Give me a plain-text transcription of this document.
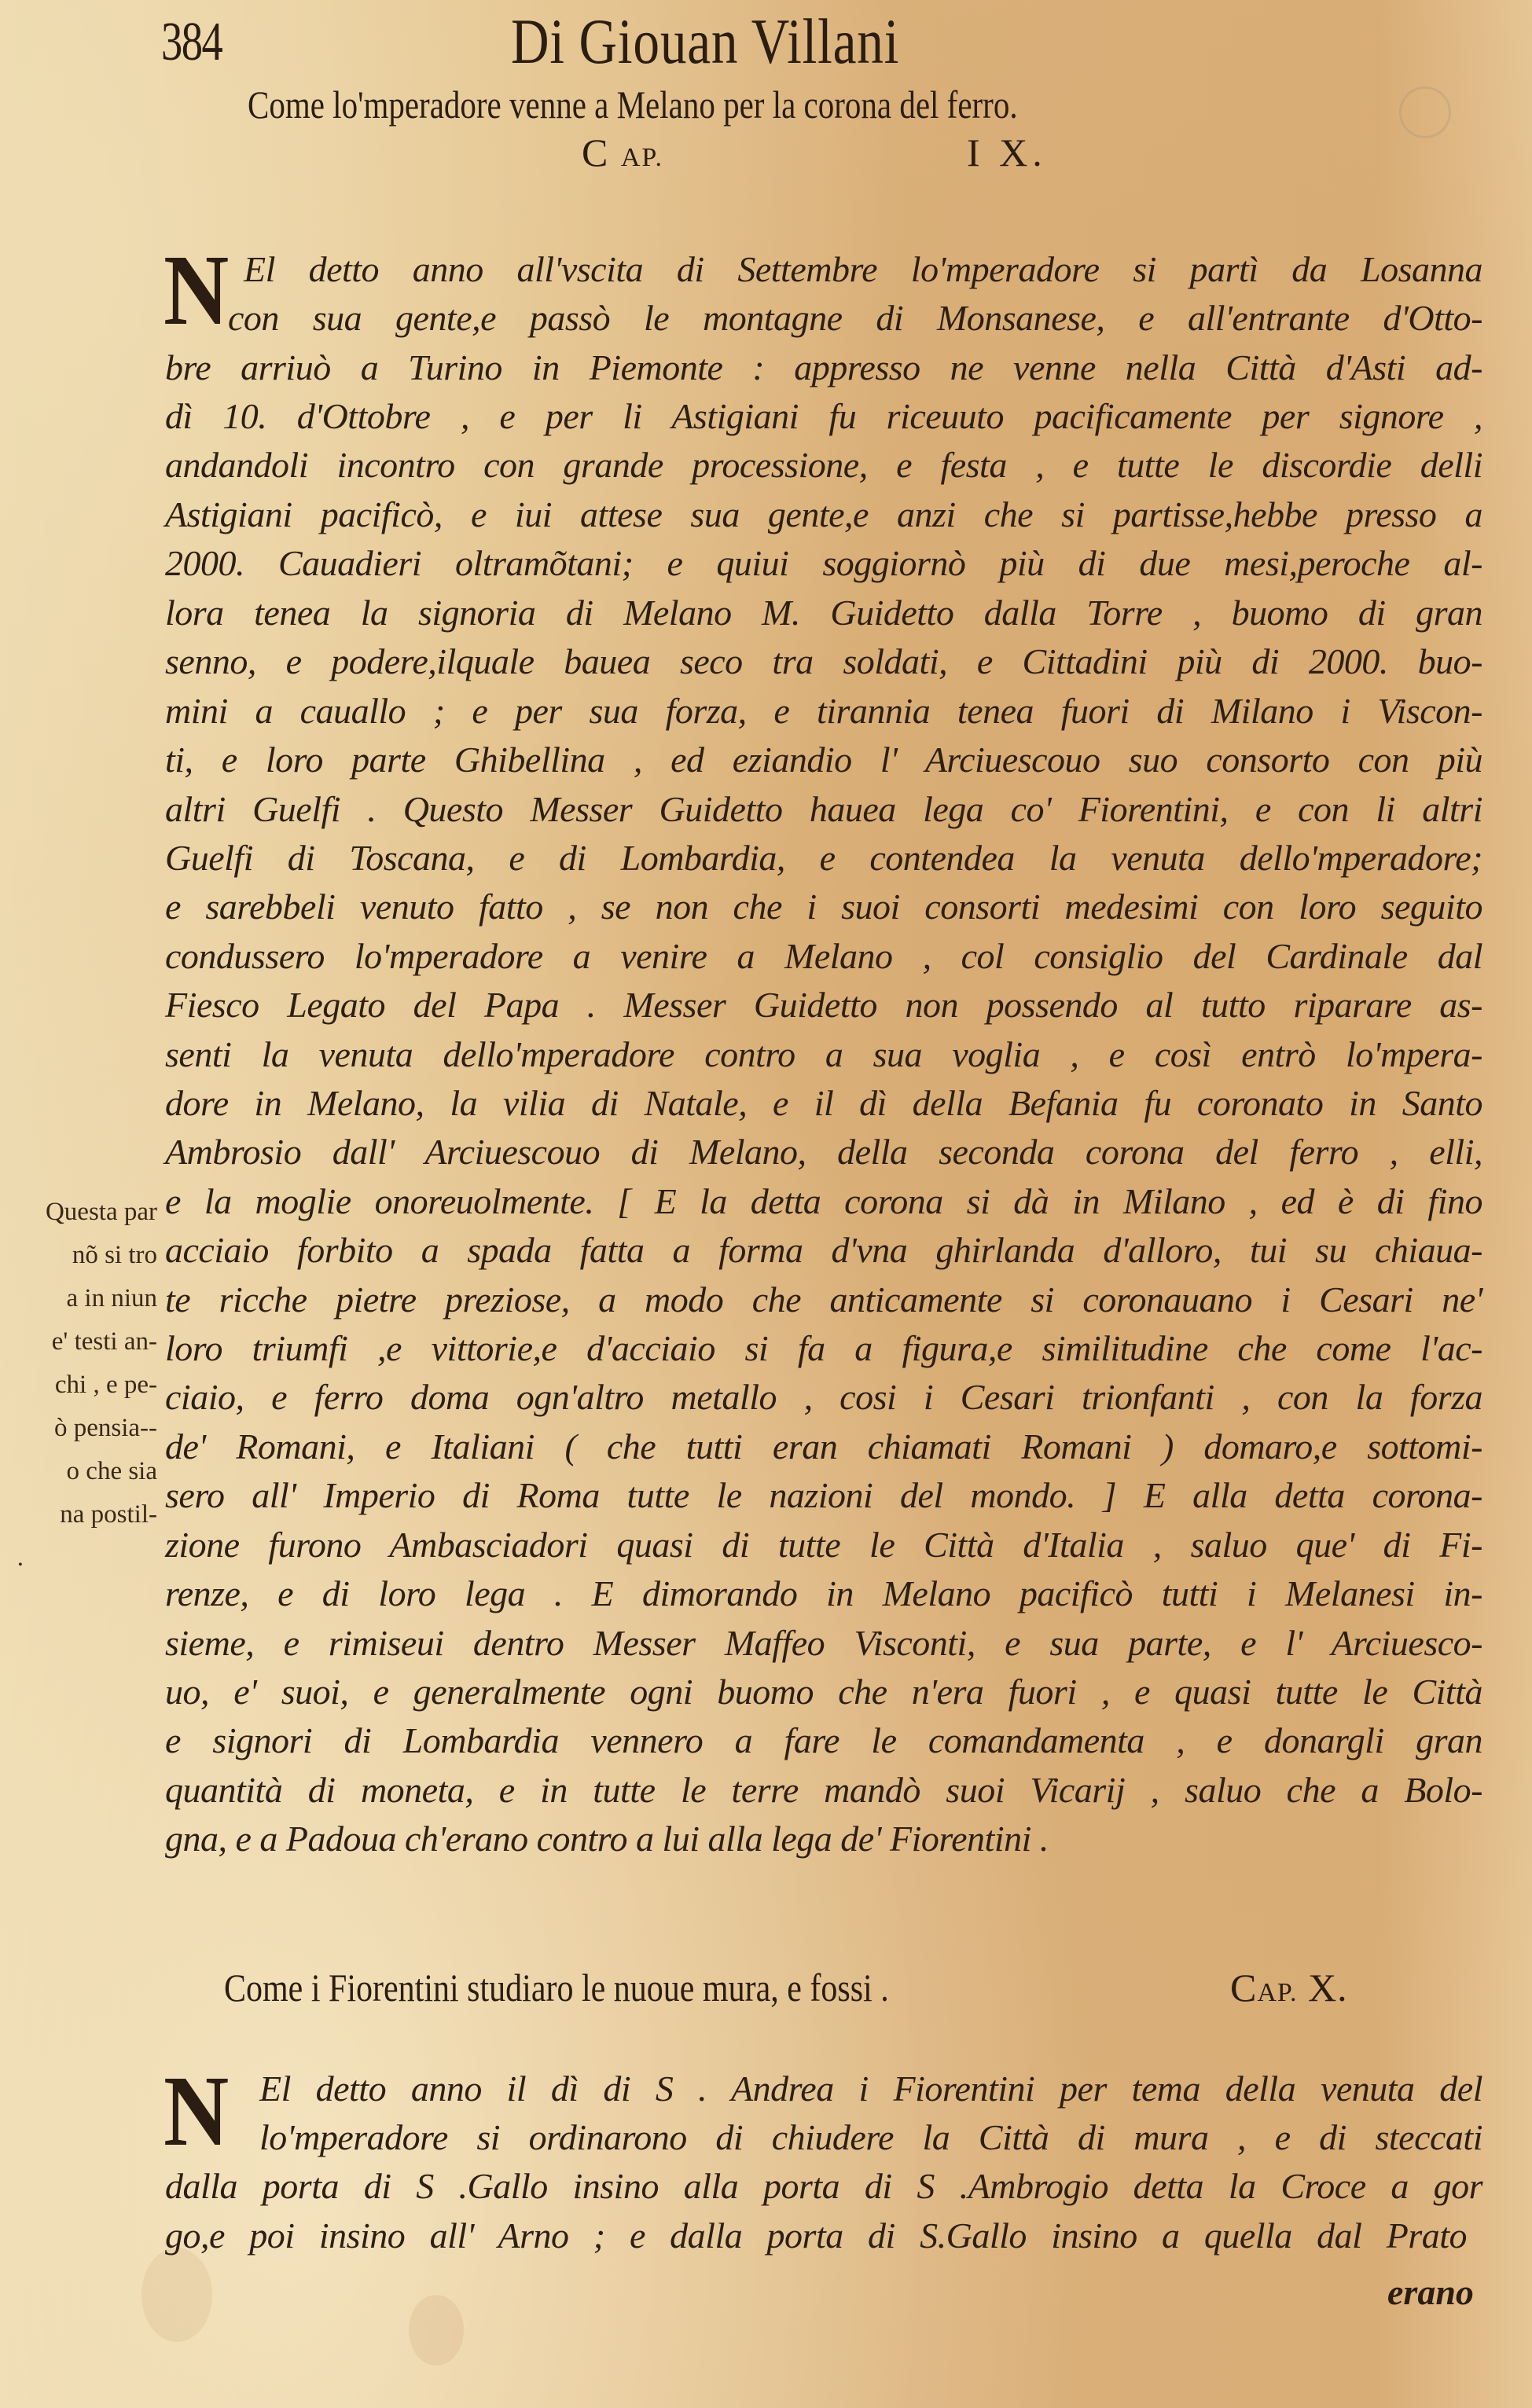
384	Di Giouan Villani
Come lo'mperadore venne a Melano per la corona del ferro.
C AP.	I X.
N El detto anno all'vscita di Settembre lo'mperadore si partì da Losanna
con sua gente,e passò le montagne di Monsanese, e all'entrante d'Otto-
bre arriuò a Turino in Piemonte : appresso ne venne nella Città d'Asti ad-
dì 10. d'Ottobre , e per li Astigiani fu riceuuto pacificamente per signore ,
andandoli incontro con grande processione, e festa , e tutte le discordie delli
Astigiani pacificò, e iui attese sua gente,e anzi che si partisse,hebbe presso a
2000. Cauadieri oltramõtani; e quiui soggiornò più di due mesi,peroche al-
lora tenea la signoria di Melano M. Guidetto dalla Torre , buomo di gran
senno, e podere,ilquale bauea seco tra soldati, e Cittadini più di 2000. buo-
mini a cauallo ; e per sua forza, e tirannia tenea fuori di Milano i Viscon-
ti, e loro parte Ghibellina , ed eziandio l' Arciuescouo suo consorto con più
altri Guelfi . Questo Messer Guidetto hauea lega co' Fiorentini, e con li altri
Guelfi di Toscana, e di Lombardia, e contendea la venuta dello'mperadore;
e sarebbeli venuto fatto , se non che i suoi consorti medesimi con loro seguito
condussero lo'mperadore a venire a Melano , col consiglio del Cardinale dal
Fiesco Legato del Papa . Messer Guidetto non possendo al tutto riparare as-
senti la venuta dello'mperadore contro a sua voglia , e così entrò lo'mpera-
dore in Melano, la vilia di Natale, e il dì della Befania fu coronato in Santo
Ambrosio dall' Arciuescouo di Melano, della seconda corona del ferro , elli,
e la moglie onoreuolmente. [ E la detta corona si dà in Milano , ed è di fino
acciaio forbito a spada fatta a forma d'vna ghirlanda d'alloro, tui su chiaua-
te ricche pietre preziose, a modo che anticamente si coronauano i Cesari ne'
loro triumfi ,e vittorie,e d'acciaio si fa a figura,e similitudine che come l'ac-
ciaio, e ferro doma ogn'altro metallo , cosi i Cesari trionfanti , con la forza
de' Romani, e Italiani ( che tutti eran chiamati Romani ) domaro,e sottomi-
sero all' Imperio di Roma tutte le nazioni del mondo. ] E alla detta corona-
zione furono Ambasciadori quasi di tutte le Città d'Italia , saluo que' di Fi-
renze, e di loro lega . E dimorando in Melano pacificò tutti i Melanesi in-
sieme, e rimiseui dentro Messer Maffeo Visconti, e sua parte, e l' Arciuesco-
uo, e' suoi, e generalmente ogni buomo che n'era fuori , e quasi tutte le Città
e signori di Lombardia vennero a fare le comandamenta , e donargli gran
quantità di moneta, e in tutte le terre mandò suoi Vicarij , saluo che a Bolo-
gna, e a Padoua ch'erano contro a lui alla lega de' Fiorentini .
Questa par
nõ si tro
a in niun
e' testi an-
chi , e pe-
ò pensia--
o che sia
na postil-
.
Come i Fiorentini studiaro le nuoue mura, e fossi .	CAP. X.
N El detto anno il dì di S . Andrea i Fiorentini per tema della venuta del
lo'mperadore si ordinarono di chiudere la Città di mura , e di steccati
dalla porta di S .Gallo insino alla porta di S .Ambrogio detta la Croce a gor
go,e poi insino all' Arno ; e dalla porta di S.Gallo insino a quella dal Prato
erano
